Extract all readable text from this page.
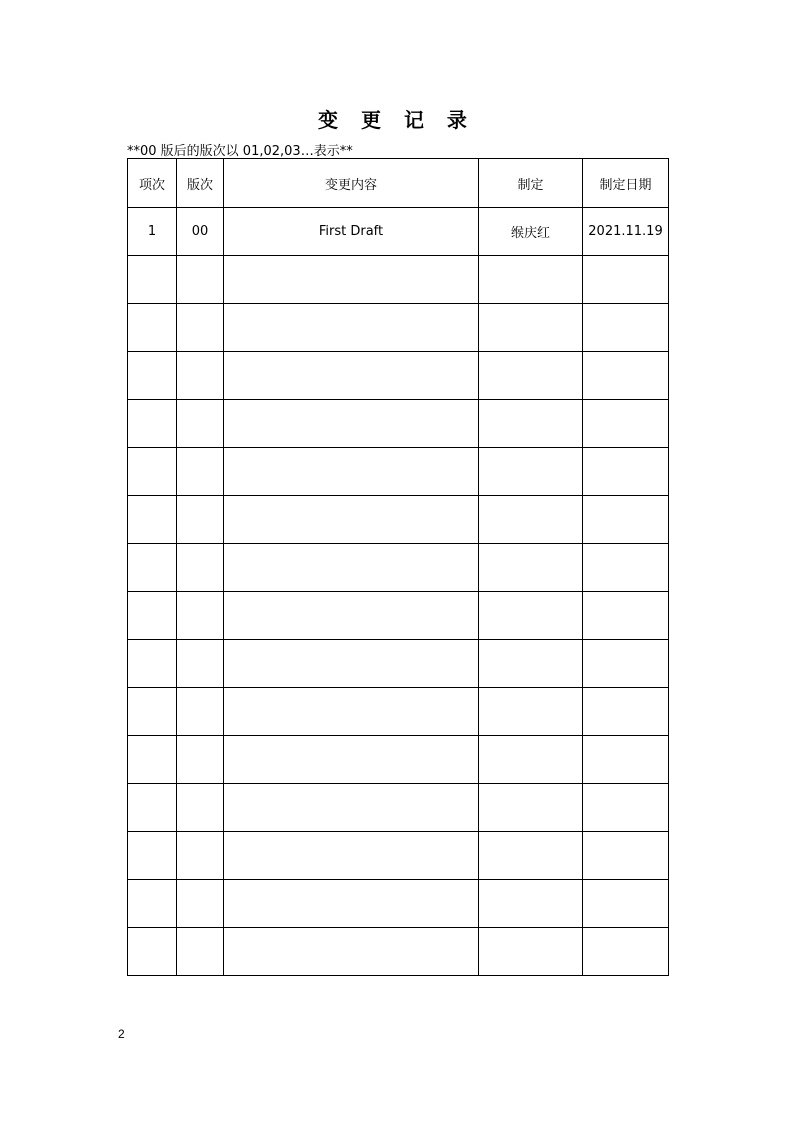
变 更 记 录
**00 版后的版次以 01,02,03…表示**
项次	版次	变更内容	制定	制定日期
1	00	First Draft	缑庆红	2021.11.19

2
